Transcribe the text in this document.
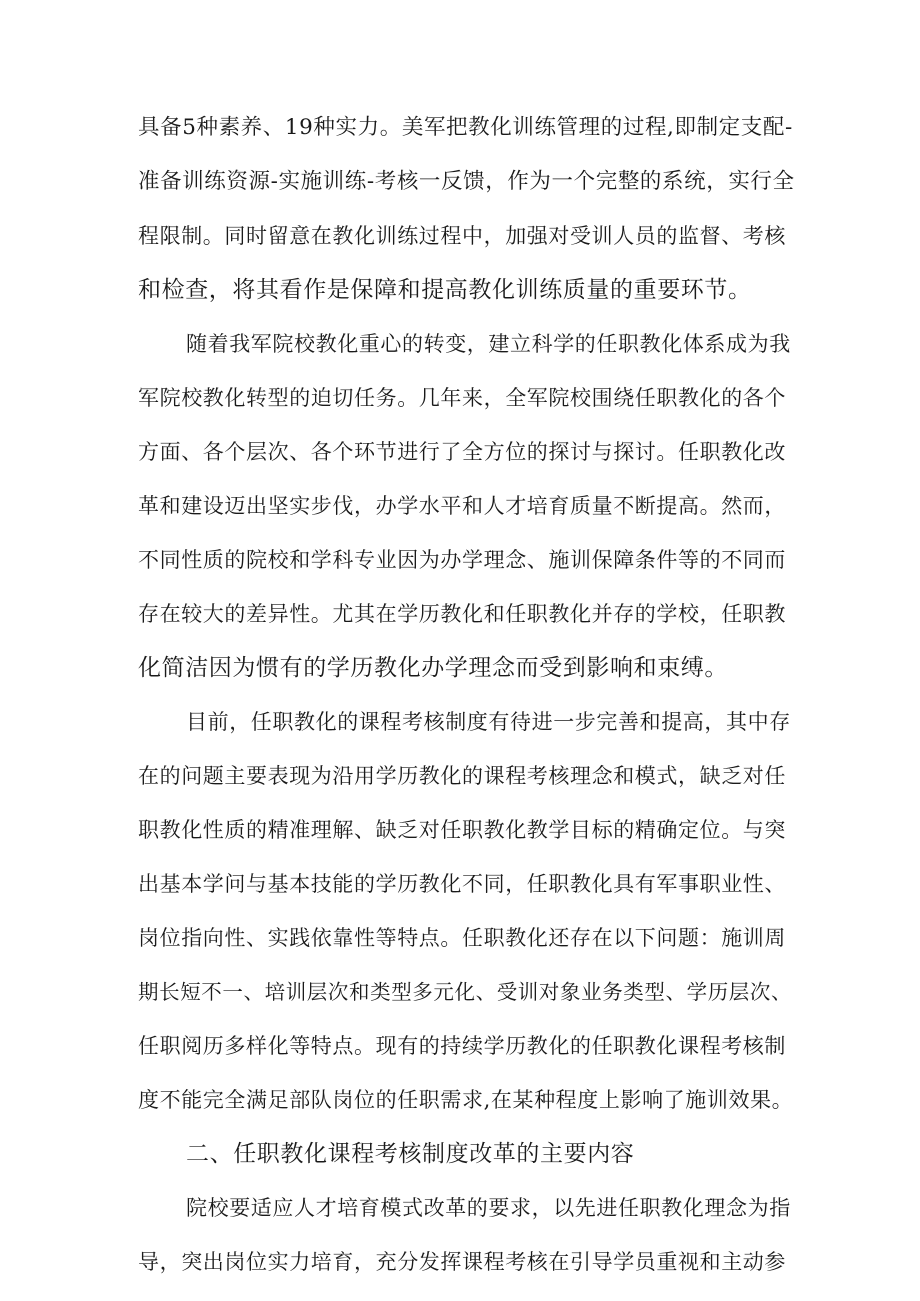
具备5种素养、19种实力。美军把教化训练管理的过程,即制定支配-
准备训练资源-实施训练-考核一反馈，作为一个完整的系统，实行全
程限制。同时留意在教化训练过程中，加强对受训人员的监督、考核
和检查，将其看作是保障和提高教化训练质量的重要环节。
随着我军院校教化重心的转变，建立科学的任职教化体系成为我
军院校教化转型的迫切任务。几年来，全军院校围绕任职教化的各个
方面、各个层次、各个环节进行了全方位的探讨与探讨。任职教化改
革和建设迈出坚实步伐，办学水平和人才培育质量不断提高。然而，
不同性质的院校和学科专业因为办学理念、施训保障条件等的不同而
存在较大的差异性。尤其在学历教化和任职教化并存的学校，任职教
化简洁因为惯有的学历教化办学理念而受到影响和束缚。
目前，任职教化的课程考核制度有待进一步完善和提高，其中存
在的问题主要表现为沿用学历教化的课程考核理念和模式，缺乏对任
职教化性质的精准理解、缺乏对任职教化教学目标的精确定位。与突
出基本学问与基本技能的学历教化不同，任职教化具有军事职业性、
岗位指向性、实践依靠性等特点。任职教化还存在以下问题：施训周
期长短不一、培训层次和类型多元化、受训对象业务类型、学历层次、
任职阅历多样化等特点。现有的持续学历教化的任职教化课程考核制
度不能完全满足部队岗位的任职需求,在某种程度上影响了施训效果。
二、任职教化课程考核制度改革的主要内容
院校要适应人才培育模式改革的要求，以先进任职教化理念为指
导，突出岗位实力培育，充分发挥课程考核在引导学员重视和主动参
